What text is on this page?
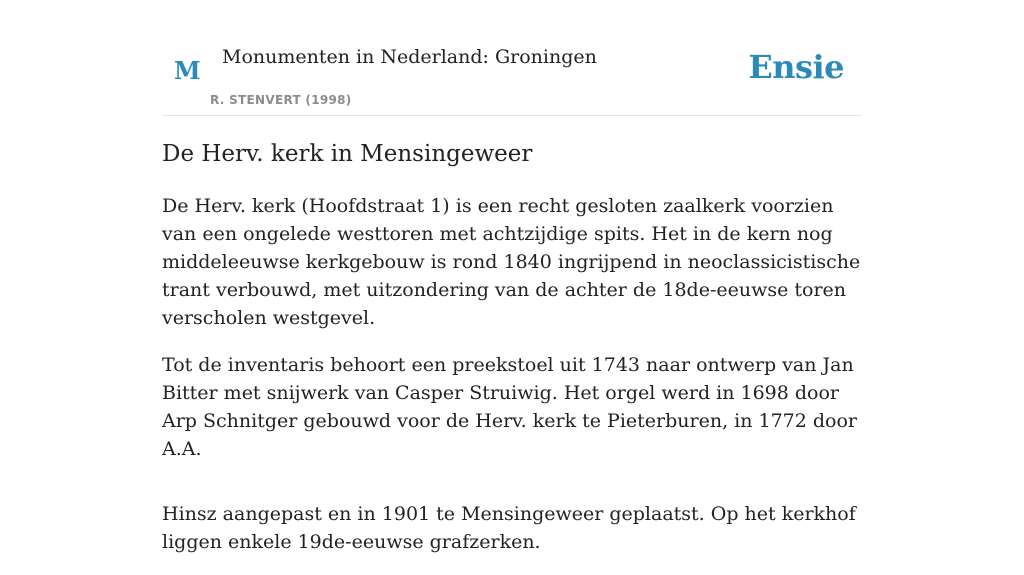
M Monumenten in Nederland: Groningen
R. STENVERT (1998)
Ensie
De Herv. kerk in Mensingeweer

De Herv. kerk (Hoofdstraat 1) is een recht gesloten zaalkerk voorzien van een ongelede westtoren met achtzijdige spits. Het in de kern nog middeleeuwse kerkgebouw is rond 1840 ingrijpend in neoclassicistische trant verbouwd, met uitzondering van de achter de 18de-eeuwse toren verscholen westgevel.

Tot de inventaris behoort een preekstoel uit 1743 naar ontwerp van Jan Bitter met snijwerk van Casper Struiwig. Het orgel werd in 1698 door Arp Schnitger gebouwd voor de Herv. kerk te Pieterburen, in 1772 door A.A.

Hinsz aangepast en in 1901 te Mensingeweer geplaatst. Op het kerkhof liggen enkele 19de-eeuwse grafzerken.
